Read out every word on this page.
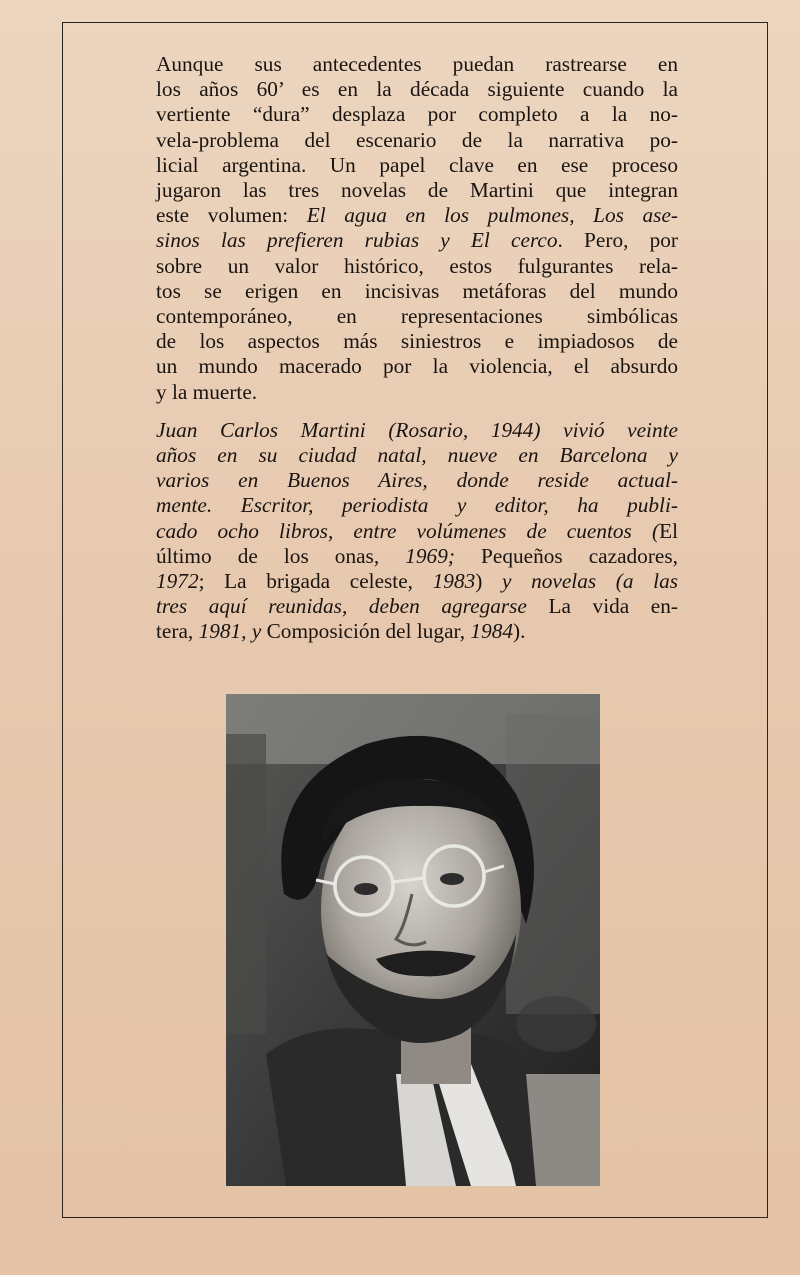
Aunque sus antecedentes puedan rastrearse en
los años 60’ es en la década siguiente cuando la
vertiente “dura” desplaza por completo a la no-
vela-problema del escenario de la narrativa po-
licial argentina. Un papel clave en ese proceso
jugaron las tres novelas de Martini que integran
este volumen: El agua en los pulmones, Los ase-
sinos las prefieren rubias y El cerco. Pero, por
sobre un valor histórico, estos fulgurantes rela-
tos se erigen en incisivas metáforas del mundo
contemporáneo, en representaciones simbólicas
de los aspectos más siniestros e impiadosos de
un mundo macerado por la violencia, el absurdo
y la muerte.

Juan Carlos Martini (Rosario, 1944) vivió veinte
años en su ciudad natal, nueve en Barcelona y
varios en Buenos Aires, donde reside actual-
mente. Escritor, periodista y editor, ha publi-
cado ocho libros, entre volúmenes de cuentos (El
último de los onas, 1969; Pequeños cazadores,
1972; La brigada celeste, 1983) y novelas (a las
tres aquí reunidas, deben agregarse La vida en-
tera, 1981, y Composición del lugar, 1984).
